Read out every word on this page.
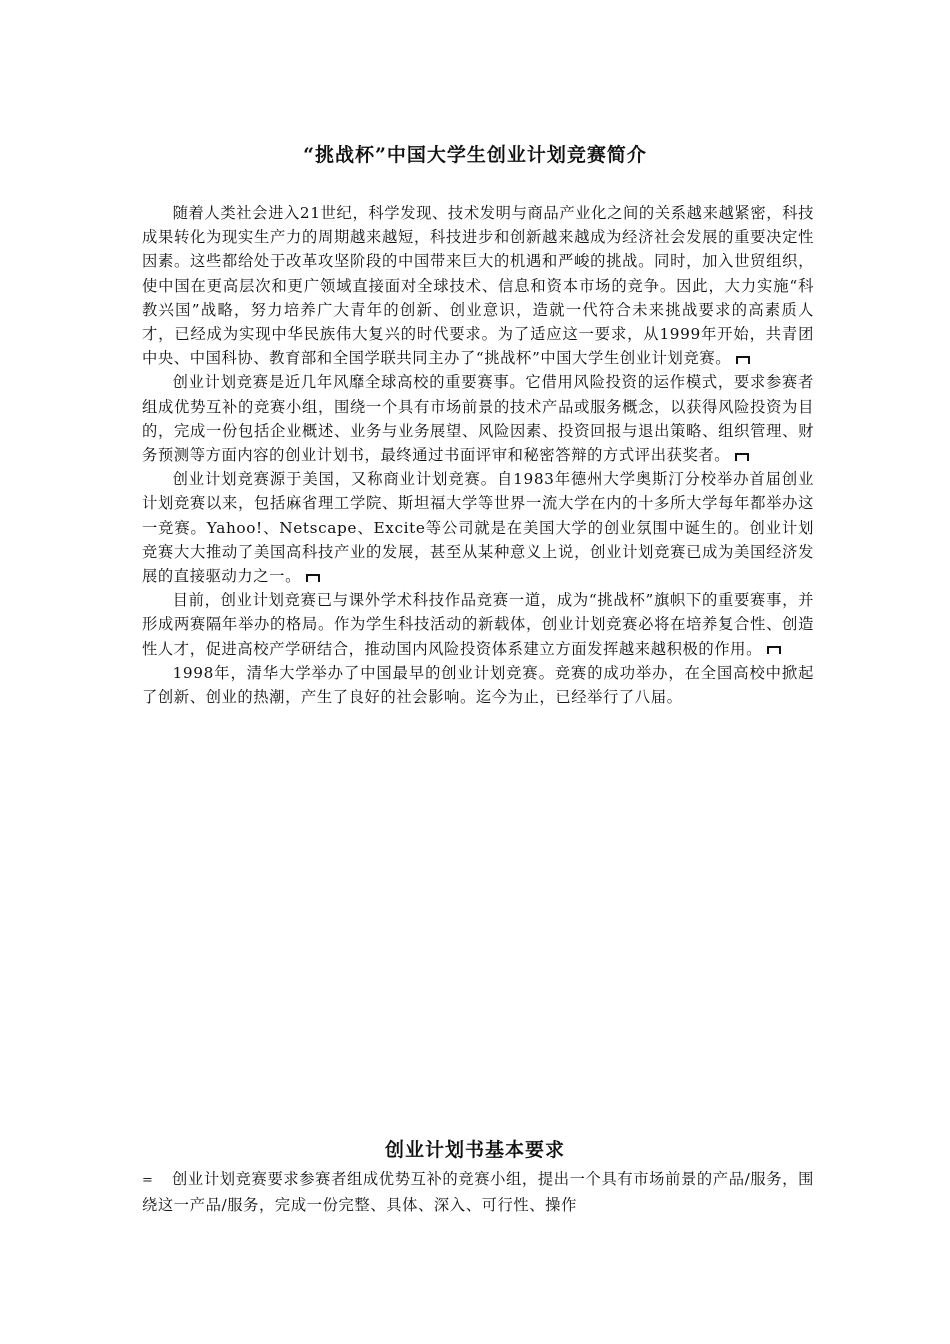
“挑战杯”中国大学生创业计划竞赛简介

随着人类社会进入21世纪，科学发现、技术发明与商品产业化之间的关系越来越紧密，科技成果转化为现实生产力的周期越来越短，科技进步和创新越来越成为经济社会发展的重要决定性因素。这些都给处于改革攻坚阶段的中国带来巨大的机遇和严峻的挑战。同时，加入世贸组织，使中国在更高层次和更广领域直接面对全球技术、信息和资本市场的竞争。因此，大力实施“科教兴国”战略，努力培养广大青年的创新、创业意识，造就一代符合未来挑战要求的高素质人才，已经成为实现中华民族伟大复兴的时代要求。为了适应这一要求，从1999年开始，共青团中央、中国科协、教育部和全国学联共同主办了“挑战杯”中国大学生创业计划竞赛。

创业计划竞赛是近几年风靡全球高校的重要赛事。它借用风险投资的运作模式，要求参赛者组成优势互补的竞赛小组，围绕一个具有市场前景的技术产品或服务概念，以获得风险投资为目的，完成一份包括企业概述、业务与业务展望、风险因素、投资回报与退出策略、组织管理、财务预测等方面内容的创业计划书，最终通过书面评审和秘密答辩的方式评出获奖者。

创业计划竞赛源于美国，又称商业计划竞赛。自1983年德州大学奥斯汀分校举办首届创业计划竞赛以来，包括麻省理工学院、斯坦福大学等世界一流大学在内的十多所大学每年都举办这一竞赛。Yahoo!、Netscape、Excite等公司就是在美国大学的创业氛围中诞生的。创业计划竞赛大大推动了美国高科技产业的发展，甚至从某种意义上说，创业计划竞赛已成为美国经济发展的直接驱动力之一。

目前，创业计划竞赛已与课外学术科技作品竞赛一道，成为“挑战杯”旗帜下的重要赛事，并形成两赛隔年举办的格局。作为学生科技活动的新载体，创业计划竞赛必将在培养复合性、创造性人才，促进高校产学研结合，推动国内风险投资体系建立方面发挥越来越积极的作用。

1998年，清华大学举办了中国最早的创业计划竞赛。竞赛的成功举办，在全国高校中掀起了创新、创业的热潮，产生了良好的社会影响。迄今为止，已经举行了八届。

创业计划书基本要求

= 创业计划竞赛要求参赛者组成优势互补的竞赛小组，提出一个具有市场前景的产品/服务，围绕这一产品/服务，完成一份完整、具体、深入、可行性、操作
